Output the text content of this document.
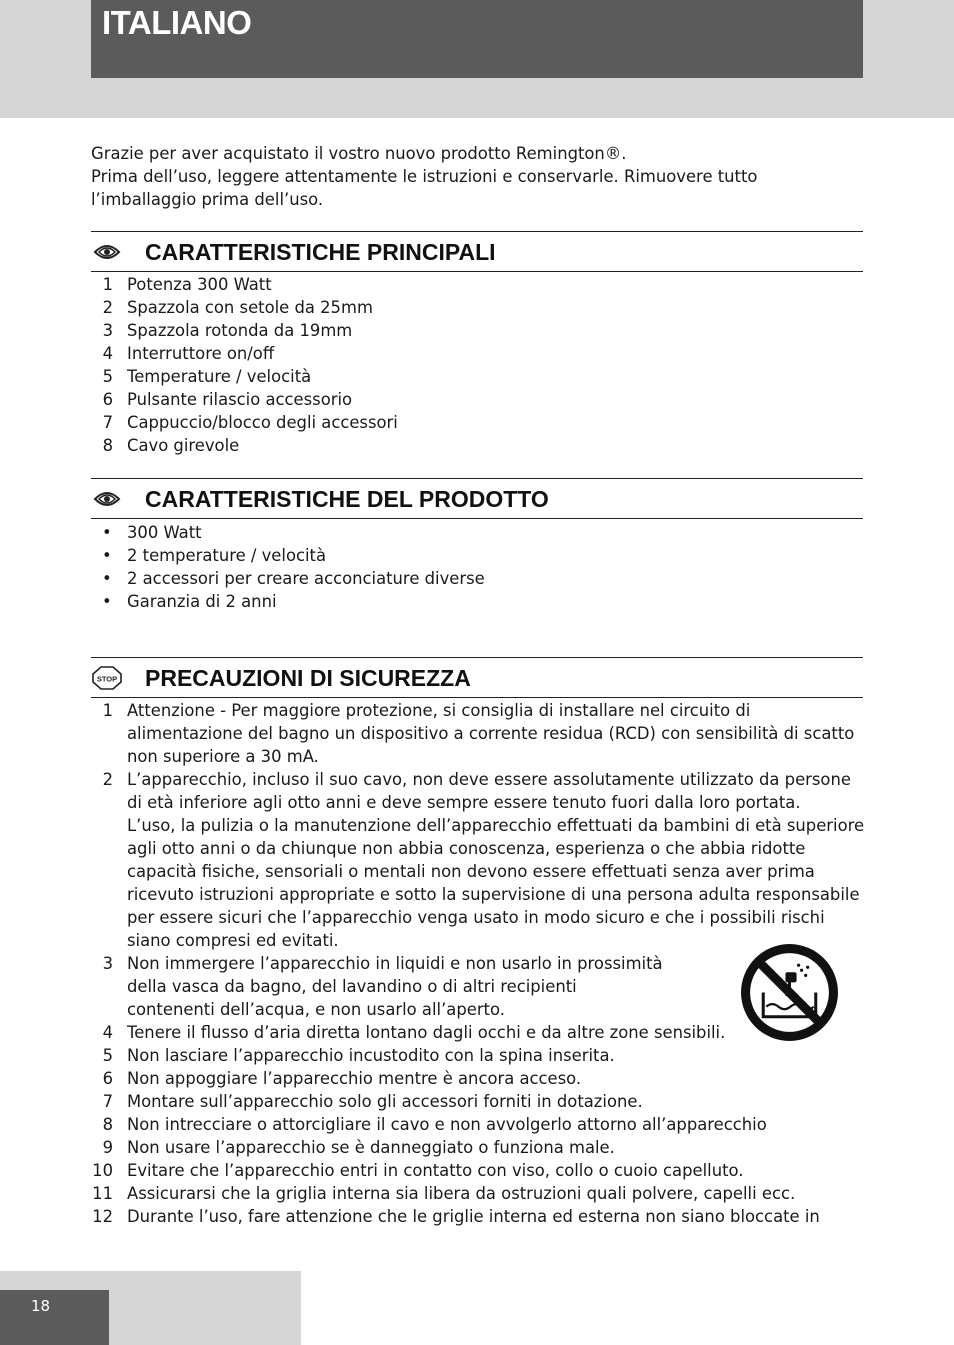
ITALIANO

Grazie per aver acquistato il vostro nuovo prodotto Remington®.

Prima dell’uso, leggere attentamente le istruzioni e conservarle. Rimuovere tutto l’imballaggio prima dell’uso.

CARATTERISTICHE PRINCIPALI
1 Potenza 300 Watt
2 Spazzola con setole da 25mm
3 Spazzola rotonda da 19mm
4 Interruttore on/off
5 Temperature / velocità
6 Pulsante rilascio accessorio
7 Cappuccio/blocco degli accessori
8 Cavo girevole
CARATTERISTICHE DEL PRODOTTO
• 300 Watt
• 2 temperature / velocità
• 2 accessori per creare acconciature diverse
• Garanzia di 2 anni
STOP PRECAUZIONI DI SICUREZZA
1 Attenzione - Per maggiore protezione, si consiglia di installare nel circuito di alimentazione del bagno un dispositivo a corrente residua (RCD) con sensibilità di scatto non superiore a 30 mA.
2 L’apparecchio, incluso il suo cavo, non deve essere assolutamente utilizzato da persone di età inferiore agli otto anni e deve sempre essere tenuto fuori dalla loro portata.
L’uso, la pulizia o la manutenzione dell’apparecchio effettuati da bambini di età superiore agli otto anni o da chiunque non abbia conoscenza, esperienza o che abbia ridotte capacità fisiche, sensoriali o mentali non devono essere effettuati senza aver prima ricevuto istruzioni appropriate e sotto la supervisione di una persona adulta responsabile per essere sicuri che l’apparecchio venga usato in modo sicuro e che i possibili rischi siano compresi ed evitati.
3 Non immergere l’apparecchio in liquidi e non usarlo in prossimità della vasca da bagno, del lavandino o di altri recipienti contenenti dell’acqua, e non usarlo all’aperto.
4 Tenere il flusso d’aria diretta lontano dagli occhi e da altre zone sensibili.
5 Non lasciare l’apparecchio incustodito con la spina inserita.
6 Non appoggiare l’apparecchio mentre è ancora acceso.
7 Montare sull’apparecchio solo gli accessori forniti in dotazione.
8 Non intrecciare o attorcigliare il cavo e non avvolgerlo attorno all’apparecchio
9 Non usare l’apparecchio se è danneggiato o funziona male.
10 Evitare che l’apparecchio entri in contatto con viso, collo o cuoio capelluto.
11 Assicurarsi che la griglia interna sia libera da ostruzioni quali polvere, capelli ecc.
12 Durante l’uso, fare attenzione che le griglie interna ed esterna non siano bloccate in
18
